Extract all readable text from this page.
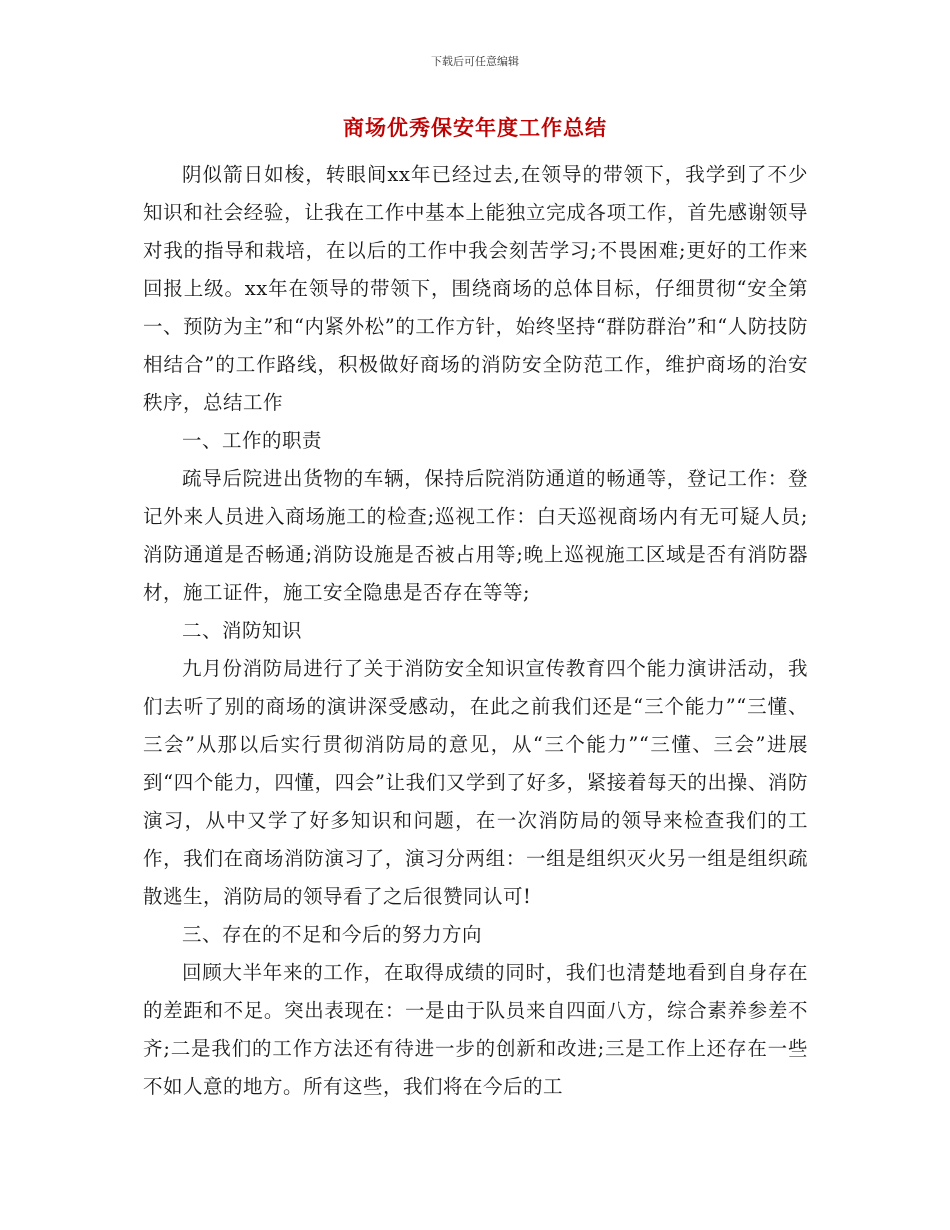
下载后可任意编辑
商场优秀保安年度工作总结

阴似箭日如梭，转眼间xx年已经过去,在领导的带领下，我学到了不少知识和社会经验，让我在工作中基本上能独立完成各项工作，首先感谢领导对我的指导和栽培，在以后的工作中我会刻苦学习;不畏困难;更好的工作来回报上级。xx年在领导的带领下，围绕商场的总体目标，仔细贯彻“安全第一、预防为主”和“内紧外松”的工作方针，始终坚持“群防群治”和“人防技防相结合”的工作路线，积极做好商场的消防安全防范工作，维护商场的治安秩序，总结工作

一、工作的职责

疏导后院进出货物的车辆，保持后院消防通道的畅通等，登记工作：登记外来人员进入商场施工的检查;巡视工作：白天巡视商场内有无可疑人员;消防通道是否畅通;消防设施是否被占用等;晚上巡视施工区域是否有消防器材，施工证件，施工安全隐患是否存在等等;

二、消防知识

九月份消防局进行了关于消防安全知识宣传教育四个能力演讲活动，我们去听了别的商场的演讲深受感动，在此之前我们还是“三个能力”“三懂、三会”从那以后实行贯彻消防局的意见，从“三个能力”“三懂、三会”进展到“四个能力，四懂，四会”让我们又学到了好多，紧接着每天的出操、消防演习，从中又学了好多知识和问题，在一次消防局的领导来检查我们的工作，我们在商场消防演习了，演习分两组：一组是组织灭火另一组是组织疏散逃生，消防局的领导看了之后很赞同认可!

三、存在的不足和今后的努力方向

回顾大半年来的工作，在取得成绩的同时，我们也清楚地看到自身存在的差距和不足。突出表现在：一是由于队员来自四面八方，综合素养参差不齐;二是我们的工作方法还有待进一步的创新和改进;三是工作上还存在一些不如人意的地方。所有这些，我们将在今后的工
